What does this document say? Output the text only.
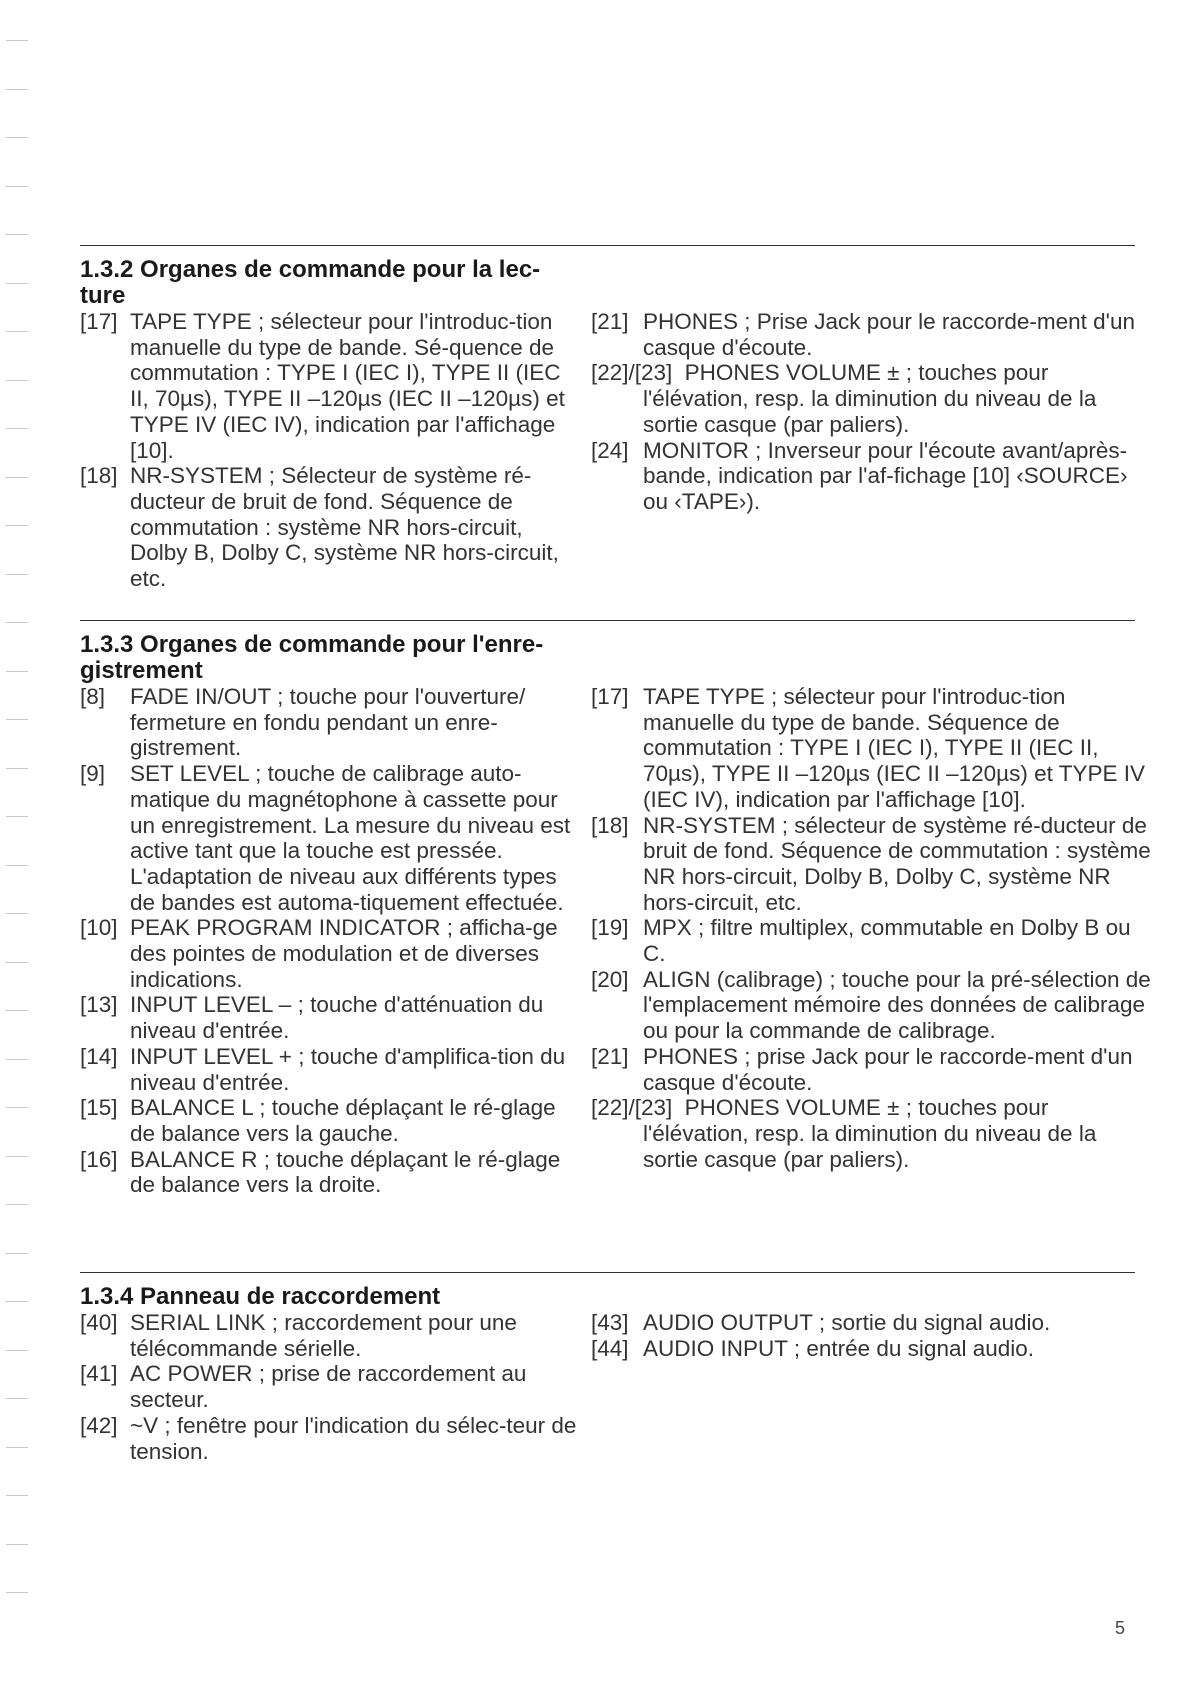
1.3.2 Organes de commande pour la lec-
ture
[17] TAPE TYPE ; sélecteur pour l'introduc-tion manuelle du type de bande. Sé-quence de commutation : TYPE I (IEC I), TYPE II (IEC II, 70µs), TYPE II –120µs (IEC II –120µs) et TYPE IV (IEC IV), indication par l'affichage [10].
[18] NR-SYSTEM ; Sélecteur de système ré-ducteur de bruit de fond. Séquence de commutation : système NR hors-circuit, Dolby B, Dolby C, système NR hors-circuit, etc.
[21] PHONES ; Prise Jack pour le raccorde-ment d'un casque d'écoute.
[22]/[23] PHONES VOLUME ± ; touches pour l'élévation, resp. la diminution du niveau de la sortie casque (par paliers).
[24] MONITOR ; Inverseur pour l'écoute avant/après-bande, indication par l'af-fichage [10] ‹SOURCE› ou ‹TAPE›).
1.3.3 Organes de commande pour l'enre-
gistrement
[8] FADE IN/OUT ; touche pour l'ouverture/ fermeture en fondu pendant un enre-gistrement.
[9] SET LEVEL ; touche de calibrage auto-matique du magnétophone à cassette pour un enregistrement. La mesure du niveau est active tant que la touche est pressée. L'adaptation de niveau aux différents types de bandes est automa-tiquement effectuée.
[10] PEAK PROGRAM INDICATOR ; afficha-ge des pointes de modulation et de diverses indications.
[13] INPUT LEVEL – ; touche d'atténuation du niveau d'entrée.
[14] INPUT LEVEL + ; touche d'amplifica-tion du niveau d'entrée.
[15] BALANCE L ; touche déplaçant le ré-glage de balance vers la gauche.
[16] BALANCE R ; touche déplaçant le ré-glage de balance vers la droite.
[17] TAPE TYPE ; sélecteur pour l'introduc-tion manuelle du type de bande. Séquence de commutation : TYPE I (IEC I), TYPE II (IEC II, 70µs), TYPE II –120µs (IEC II –120µs) et TYPE IV (IEC IV), indication par l'affichage [10].
[18] NR-SYSTEM ; sélecteur de système ré-ducteur de bruit de fond. Séquence de commutation : système NR hors-circuit, Dolby B, Dolby C, système NR hors-circuit, etc.
[19] MPX ; filtre multiplex, commutable en Dolby B ou C.
[20] ALIGN (calibrage) ; touche pour la pré-sélection de l'emplacement mémoire des données de calibrage ou pour la commande de calibrage.
[21] PHONES ; prise Jack pour le raccorde-ment d'un casque d'écoute.
[22]/[23] PHONES VOLUME ± ; touches pour l'élévation, resp. la diminution du niveau de la sortie casque (par paliers).
1.3.4 Panneau de raccordement
[40] SERIAL LINK ; raccordement pour une télécommande sérielle.
[41] AC POWER ; prise de raccordement au secteur.
[42] ~V ; fenêtre pour l'indication du sélec-teur de tension.
[43] AUDIO OUTPUT ; sortie du signal audio.
[44] AUDIO INPUT ; entrée du signal audio.
5
